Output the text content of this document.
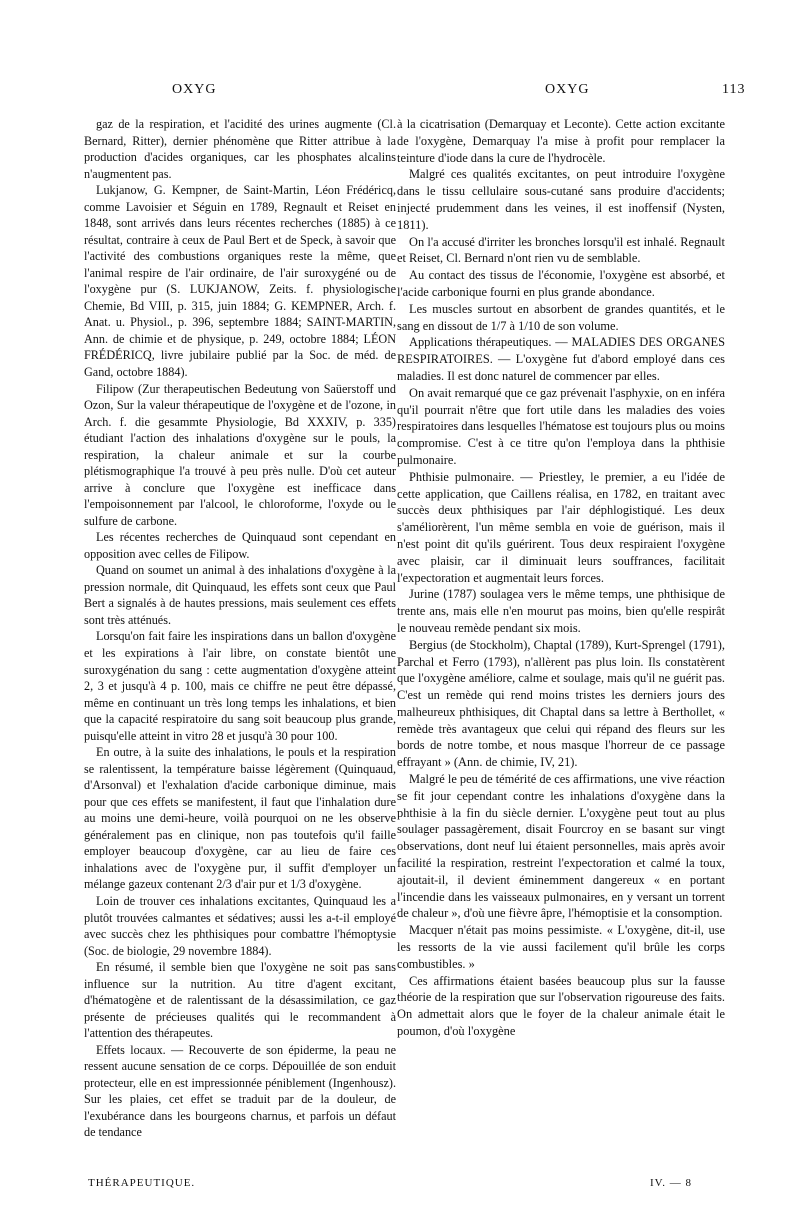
OXYG	OXYG	113

gaz de la respiration, et l'acidité des urines augmente (Cl. Bernard, Ritter), dernier phénomène que Ritter attribue à la production d'acides organiques, car les phosphates alcalins n'augmentent pas.

Lukjanow, G. Kempner, de Saint-Martin, Léon Frédéricq, comme Lavoisier et Séguin en 1789, Regnault et Reiset en 1848, sont arrivés dans leurs récentes recherches (1885) à ce résultat, contraire à ceux de Paul Bert et de Speck, à savoir que l'activité des combustions organiques reste la même, que l'animal respire de l'air ordinaire, de l'air suroxygéné ou de l'oxygène pur (S. LUKJANOW, Zeits. f. physiologische Chemie, Bd VIII, p. 315, juin 1884; G. KEMPNER, Arch. f. Anat. u. Physiol., p. 396, septembre 1884; SAINT-MARTIN, Ann. de chimie et de physique, p. 249, octobre 1884; LÉON FRÉDÉRICQ, livre jubilaire publié par la Soc. de méd. de Gand, octobre 1884).

Filipow (Zur therapeutischen Bedeutung von Saüerstoff und Ozon, Sur la valeur thérapeutique de l'oxygène et de l'ozone, in Arch. f. die gesammte Physiologie, Bd XXXIV, p. 335) étudiant l'action des inhalations d'oxygène sur le pouls, la respiration, la chaleur animale et sur la courbe plétismographique l'a trouvé à peu près nulle. D'où cet auteur arrive à conclure que l'oxygène est inefficace dans l'empoisonnement par l'alcool, le chloroforme, l'oxyde ou le sulfure de carbone.

Les récentes recherches de Quinquaud sont cependant en opposition avec celles de Filipow.

Quand on soumet un animal à des inhalations d'oxygène à la pression normale, dit Quinquaud, les effets sont ceux que Paul Bert a signalés à de hautes pressions, mais seulement ces effets sont très atténués.

Lorsqu'on fait faire les inspirations dans un ballon d'oxygène et les expirations à l'air libre, on constate bientôt une suroxygénation du sang : cette augmentation d'oxygène atteint 2, 3 et jusqu'à 4 p. 100, mais ce chiffre ne peut être dépassé, même en continuant un très long temps les inhalations, et bien que la capacité respiratoire du sang soit beaucoup plus grande, puisqu'elle atteint in vitro 28 et jusqu'à 30 pour 100.

En outre, à la suite des inhalations, le pouls et la respiration se ralentissent, la température baisse légèrement (Quinquaud, d'Arsonval) et l'exhalation d'acide carbonique diminue, mais pour que ces effets se manifestent, il faut que l'inhalation dure au moins une demi-heure, voilà pourquoi on ne les observe généralement pas en clinique, non pas toutefois qu'il faille employer beaucoup d'oxygène, car au lieu de faire ces inhalations avec de l'oxygène pur, il suffit d'employer un mélange gazeux contenant 2/3 d'air pur et 1/3 d'oxygène.

Loin de trouver ces inhalations excitantes, Quinquaud les a plutôt trouvées calmantes et sédatives; aussi les a-t-il employé avec succès chez les phthisiques pour combattre l'hémoptysie (Soc. de biologie, 29 novembre 1884).

En résumé, il semble bien que l'oxygène ne soit pas sans influence sur la nutrition. Au titre d'agent excitant, d'hématogène et de ralentissant de la désassimilation, ce gaz présente de précieuses qualités qui le recommandent à l'attention des thérapeutes.

Effets locaux. — Recouverte de son épiderme, la peau ne ressent aucune sensation de ce corps. Dépouillée de son enduit protecteur, elle en est impressionnée péniblement (Ingenhousz). Sur les plaies, cet effet se traduit par de la douleur, de l'exubérance dans les bourgeons charnus, et parfois un défaut de tendance

à la cicatrisation (Demarquay et Leconte). Cette action excitante de l'oxygène, Demarquay l'a mise à profit pour remplacer la teinture d'iode dans la cure de l'hydrocèle.

Malgré ces qualités excitantes, on peut introduire l'oxygène dans le tissu cellulaire sous-cutané sans produire d'accidents; injecté prudemment dans les veines, il est inoffensif (Nysten, 1811).

On l'a accusé d'irriter les bronches lorsqu'il est inhalé. Regnault et Reiset, Cl. Bernard n'ont rien vu de semblable.

Au contact des tissus de l'économie, l'oxygène est absorbé, et l'acide carbonique fourni en plus grande abondance.

Les muscles surtout en absorbent de grandes quantités, et le sang en dissout de 1/7 à 1/10 de son volume.

Applications thérapeutiques. — MALADIES DES ORGANES RESPIRATOIRES. — L'oxygène fut d'abord employé dans ces maladies. Il est donc naturel de commencer par elles.

On avait remarqué que ce gaz prévenait l'asphyxie, on en inféra qu'il pourrait n'être que fort utile dans les maladies des voies respiratoires dans lesquelles l'hématose est toujours plus ou moins compromise. C'est à ce titre qu'on l'employa dans la phthisie pulmonaire.

Phthisie pulmonaire. — Priestley, le premier, a eu l'idée de cette application, que Caillens réalisa, en 1782, en traitant avec succès deux phthisiques par l'air déphlogistiqué. Les deux s'améliorèrent, l'un même sembla en voie de guérison, mais il n'est point dit qu'ils guérirent. Tous deux respiraient l'oxygène avec plaisir, car il diminuait leurs souffrances, facilitait l'expectoration et augmentait leurs forces.

Jurine (1787) soulagea vers le même temps, une phthisique de trente ans, mais elle n'en mourut pas moins, bien qu'elle respirât le nouveau remède pendant six mois.

Bergius (de Stockholm), Chaptal (1789), Kurt-Sprengel (1791), Parchal et Ferro (1793), n'allèrent pas plus loin. Ils constatèrent que l'oxygène améliore, calme et soulage, mais qu'il ne guérit pas. C'est un remède qui rend moins tristes les derniers jours des malheureux phthisiques, dit Chaptal dans sa lettre à Berthollet, « remède très avantageux que celui qui répand des fleurs sur les bords de notre tombe, et nous masque l'horreur de ce passage effrayant » (Ann. de chimie, IV, 21).

Malgré le peu de témérité de ces affirmations, une vive réaction se fit jour cependant contre les inhalations d'oxygène dans la phthisie à la fin du siècle dernier. L'oxygène peut tout au plus soulager passagèrement, disait Fourcroy en se basant sur vingt observations, dont neuf lui étaient personnelles, mais après avoir facilité la respiration, restreint l'expectoration et calmé la toux, ajoutait-il, il devient éminemment dangereux « en portant l'incendie dans les vaisseaux pulmonaires, en y versant un torrent de chaleur », d'où une fièvre âpre, l'hémoptisie et la consomption.

Macquer n'était pas moins pessimiste. « L'oxygène, dit-il, use les ressorts de la vie aussi facilement qu'il brûle les corps combustibles. »

Ces affirmations étaient basées beaucoup plus sur la fausse théorie de la respiration que sur l'observation rigoureuse des faits. On admettait alors que le foyer de la chaleur animale était le poumon, d'où l'oxygène

THÉRAPEUTIQUE.	IV. — 8
